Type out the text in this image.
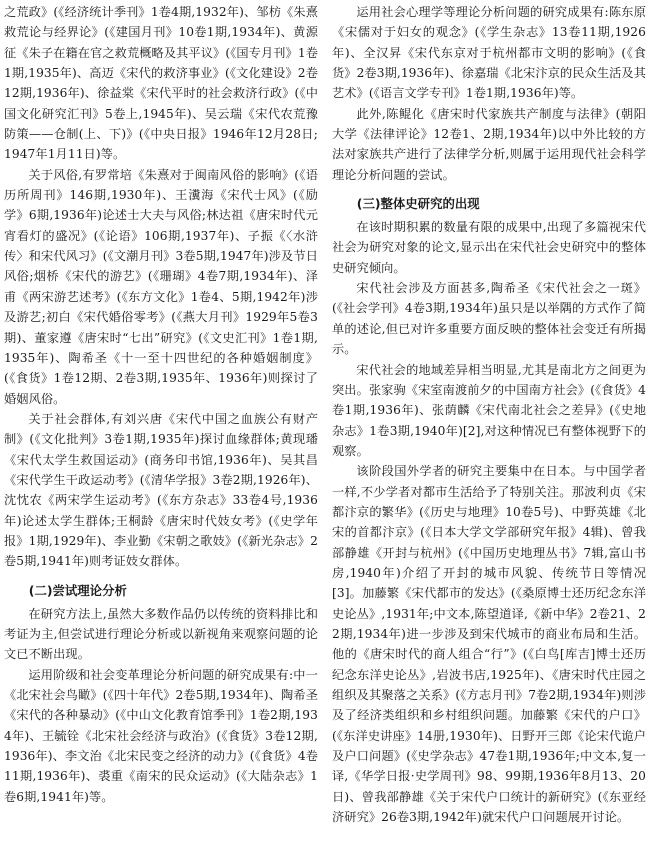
之荒政》(《经济统计季刊》1卷4期,1932年)、邹枋《朱熹救荒论与经界论》(《建国月刊》10卷1期,1934年)、黄源征《朱子在籍在官之救荒概略及其平议》(《国专月刊》1卷1期,1935年)、高迈《宋代的救济事业》(《文化建设》2卷12期,1936年)、徐益棠《宋代平时的社会救济行政》(《中国文化研究汇刊》5卷上,1945年)、吴云瑞《宋代农荒豫防策——仓制(上、下)》(《中央日报》1946年12月28日;1947年1月11日)等。

关于风俗,有罗常培《朱熹对于闽南风俗的影响》(《语历所周刊》146期,1930年)、王瀵海《宋代士风》(《励学》6期,1936年)论述士大夫与风俗;林达祖《唐宋时代元宵看灯的盛况》(《论语》106期,1937年)、子振《〈水浒传〉和宋代风习》(《文潮月刊》3卷5期,1947年)涉及节日风俗;烟桥《宋代的游艺》(《珊瑚》4卷7期,1934年)、泽甫《两宋游艺述考》(《东方文化》1卷4、5期,1942年)涉及游艺;初白《宋代婚俗零考》(《燕大月刊》1929年5卷3期)、董家遵《唐宋时“七出”研究》(《文史汇刊》1卷1期,1935年)、陶希圣《十一至十四世纪的各种婚姻制度》(《食货》1卷12期、2卷3期,1935年、1936年)则探讨了婚姻风俗。

关于社会群体,有刘兴唐《宋代中国之血族公有财产制》(《文化批判》3卷1期,1935年)探讨血缘群体;黄现璠《宋代太学生救国运动》(商务印书馆,1936年)、吴其昌《宋代学生干政运动考》(《清华学报》3卷2期,1926年)、沈忱农《两宋学生运动考》(《东方杂志》33卷4号,1936年)论述太学生群体;王桐龄《唐宋时代妓女考》(《史学年报》1期,1929年)、李业勤《宋朝之歌妓》(《新光杂志》2卷5期,1941年)则考证妓女群体。

(二)尝试理论分析

在研究方法上,虽然大多数作品仍以传统的资料排比和考证为主,但尝试进行理论分析或以新视角来观察问题的论文已不断出现。

运用阶级和社会变革理论分析问题的研究成果有:中一《北宋社会鸟瞰》(《四十年代》2卷5期,1934年)、陶希圣《宋代的各种暴动》(《中山文化教育馆季刊》1卷2期,1934年)、王毓铨《北宋社会经济与政治》(《食货》3卷12期,1936年)、李文治《北宋民变之经济的动力》(《食货》4卷11期,1936年)、裘重《南宋的民众运动》(《大陆杂志》1卷6期,1941年)等。

运用社会心理学等理论分析问题的研究成果有:陈东原《宋儒对于妇女的观念》(《学生杂志》13卷11期,1926年)、全汉昇《宋代东京对于杭州都市文明的影响》(《食货》2卷3期,1936年)、徐嘉瑞《北宋汴京的民众生活及其艺术》(《语言文学专刊》1卷1期,1936年)等。

此外,陈鲲化《唐宋时代家族共产制度与法律》(朝阳大学《法律评论》12卷1、2期,1934年)以中外比较的方法对家族共产进行了法律学分析,则属于运用现代社会科学理论分析问题的尝试。

(三)整体史研究的出现

在该时期积累的数量有限的成果中,出现了多篇视宋代社会为研究对象的论文,显示出在宋代社会史研究中的整体史研究倾向。

宋代社会涉及方面甚多,陶希圣《宋代社会之一斑》(《社会学刊》4卷3期,1934年)虽只是以举隅的方式作了简单的述论,但已对许多重要方面反映的整体社会变迁有所揭示。

宋代社会的地域差异相当明显,尤其是南北方之间更为突出。张家驹《宋室南渡前夕的中国南方社会》(《食货》4卷1期,1936年)、张荫麟《宋代南北社会之差异》(《史地杂志》1卷3期,1940年)[2],对这种情况已有整体视野下的观察。

该阶段国外学者的研究主要集中在日本。与中国学者一样,不少学者对都市生活给予了特别关注。那波利贞《宋都汴京的繁华》(《历史与地理》10卷5号)、中野英雄《北宋的首都汴京》(《日本大学文学部研究年报》4辑)、曾我部静雄《开封与杭州》(《中国历史地理丛书》7辑,富山书房,1940年)介绍了开封的城市风貌、传统节日等情况[3]。加藤繁《宋代都市的发达》(《桑原博士还历纪念东洋史论丛》,1931年;中文本,陈望道译,《新中华》2卷21、22期,1934年)进一步涉及到宋代城市的商业布局和生活。他的《唐宋时代的商人组合“行”》(《白鸟[库吉]博士还历纪念东洋史论丛》,岩波书店,1925年)、《唐宋时代庄园之组织及其聚落之关系》(《方志月刊》7卷2期,1934年)则涉及了经济类组织和乡村组织问题。加藤繁《宋代的户口》(《东洋史讲座》14册,1930年)、日野开三郎《论宋代诡户及户口问题》(《史学杂志》47卷1期,1936年;中文本,复一译,《华学日报·史学周刊》98、99期,1936年8月13、20日)、曾我部静雄《关于宋代户口统计的新研究》(《东亚经济研究》26卷3期,1942年)就宋代户口问题展开讨论。
